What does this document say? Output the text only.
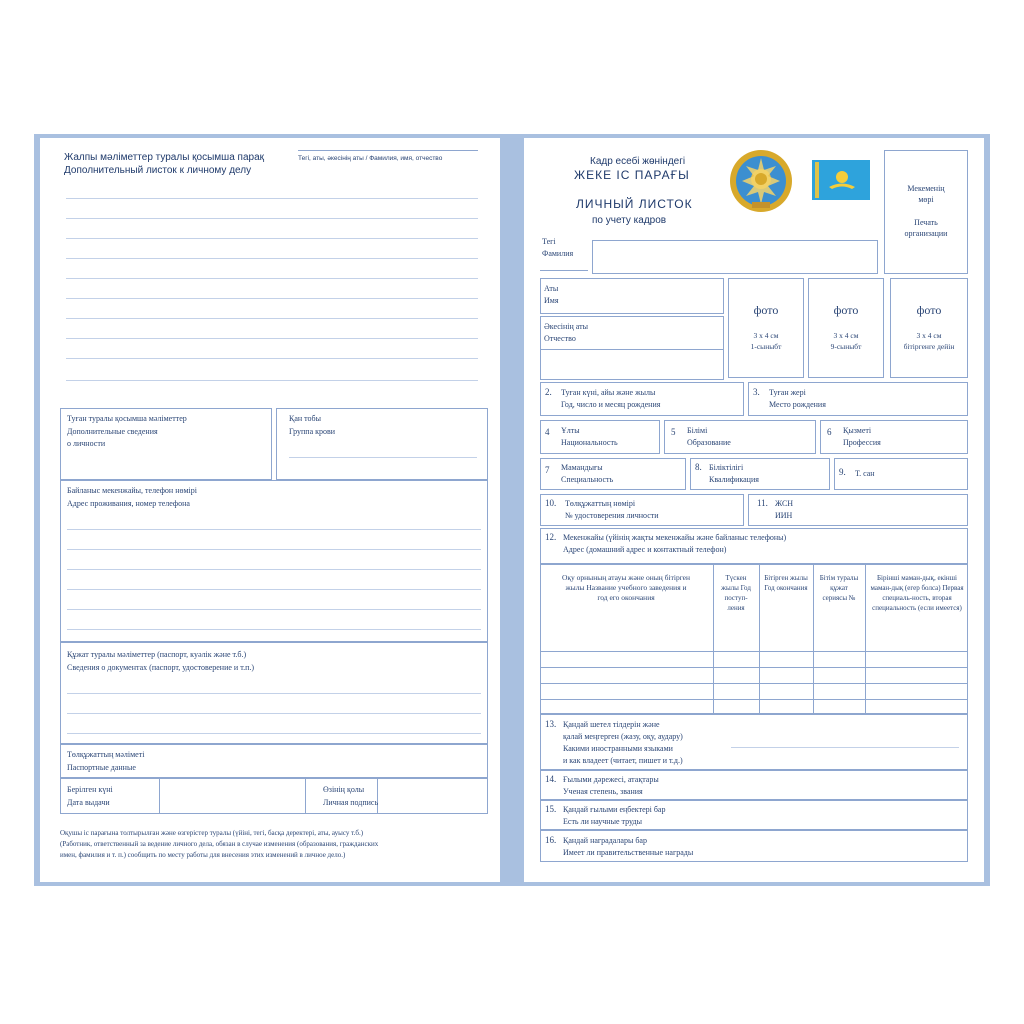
Жалпы мәліметтер туралы қосымша парақ
Дополнительный листок к личному делу
Тегі, аты, әкесінің аты / Фамилия, имя, отчество
Туған туралы қосымша мәліметтер
Дополнительные сведения
о личности
Қан тобы
Группа крови
Байланыс мекенжайы, телефон нөмірі
Адрес проживания, номер телефона
Құжат туралы мәліметтер (паспорт, куәлік және т.б.)
Сведения о документах (паспорт, удостоверение и т.п.)
Төлқұжаттың мәліметі
Паспортные данные
Берілген күні
Дата выдачи
Өзінің қолы
Личная подпись
Оқушы іс парағына толтырылған және өзгерістер туралы (үйіні, тегі, басқа деректері, аты, ауысу т.б.)
(Работник, ответственный за ведение личного дела, обязан в случае изменения (образования, гражданских
имен, фамилия и т. п.) сообщить по месту работы для внесения этих изменений в личное дело.)
Кадр есебі жөніндегі
ЖЕКЕ ІС ПАРАҒЫ
ЛИЧНЫЙ ЛИСТОК
по учету кадров
Мекеменің
мөрі
Печать
организации
Тегі
Фамилия
Аты
Имя
Әкесінің аты
Отчество
фото
3 х 4 см
1-сыныбт
фото
3 х 4 см
9-сыныбт
фото
3 х 4 см
бітіргенге дейін
2. Туған күні, айы және жылы
Год, число и месяц рождения
3. Туған жері
Место рождения
4 Ұлты
Национальность
5 Білімі
Образование
6 Қызметі
Профессия
7 Мамандығы
Специальность
8. Біліктілігі
Квалификация
9. Т. сан
10. Төлқұжаттың нөмірі
№ удостоверения личности
11. ЖСН
ИИН
12. Мекенжайы (үйінің жақты мекенжайы және байланыс телефоны)
Адрес (домашний адрес и контактный телефон)
Оқу орнының атауы және оның бітірген жылы Название учебного заведения и год его окончания
Түскен жылы Год поступ-ления
Бітірген жылы Год окончания
Бітім туралы құжат сериясы №
Бірінші маман-дық, екінші маман-дық (егер болса) Первая специаль-ность, вторая специальность (если имеется)
13. Қандай шетел тілдерін және
қалай меңгерген (жазу, оқу, аудару)
Какими иностранными языками
и как владеет (читает, пишет и т.д.)
14. Ғылыми дәрежесі, атақтары
Ученая степень, звания
15. Қандай ғылыми еңбектері бар
Есть ли научные труды
16. Қандай наградалары бар
Имеет ли правительственные награды
